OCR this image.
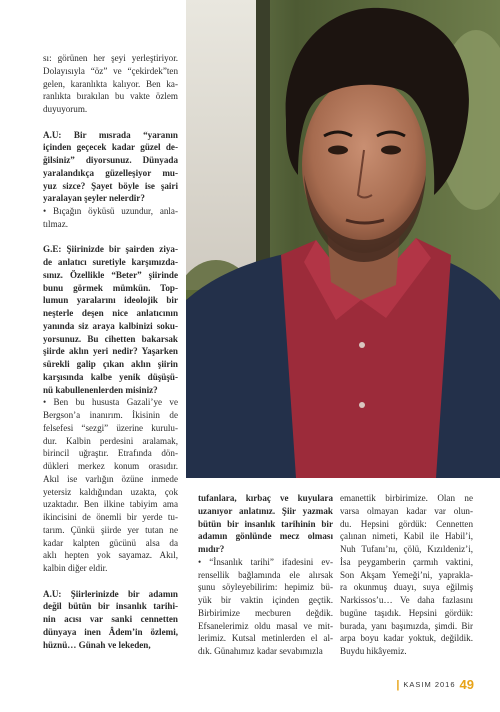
sı: görünen her şeyi yerleştiriyor.
Dolayısıyla “öz” ve “çekirdek”ten
gelen, karanlıkta kalıyor. Ben ka-
ranlıkta bırakılan bu vakte özlem
duyuyorum.

A.U: Bir mısrada “yaranın
içinden geçecek kadar güzel de-
ğilsiniz” diyorsunuz. Dünyada
yaralandıkça güzelleşiyor mu-
yuz sizce? Şayet böyle ise şairi
yaralayan şeyler nelerdir?

• Bıçağın öyküsü uzundur, anla-
tılmaz.

G.E: Şiirinizde bir şairden ziya-
de anlatıcı suretiyle karşımızda-
sınız. Özellikle “Beter” şiirinde
bunu görmek mümkün. Top-
lumun yaralarını ideolojik bir
neşterle deşen nice anlatıcının
yanında siz araya kalbinizi soku-
yorsunuz. Bu cihetten bakarsak
şiirde aklın yeri nedir? Yaşarken
sürekli galip çıkan aklın şiirin
karşısında kalbe yenik düşüşü-
nü kabullenenlerden misiniz?

• Ben bu hususta Gazali’ye ve
Bergson’a inanırım. İkisinin de
felsefesi “sezgi” üzerine kurulu-
dur. Kalbin perdesini aralamak,
birincil uğraştır. Etrafında dön-
dükleri merkez konum orasıdır.
Akıl ise varlığın özüne inmede
yetersiz kaldığından uzakta, çok
uzaktadır. Ben ilkine tabiyim ama
ikincisini de önemli bir yerde tu-
tarım. Çünkü şiirde yer tutan ne
kadar kalpten gücünü alsa da
aklı hepten yok sayamaz. Akıl,
kalbin diğer eldir.

A.U: Şiirlerinizde bir adamın
değil bütün bir insanlık tarihi-
nin acısı var sanki cennetten
dünyaya inen Âdem’in özlemi,
hüznü… Günah ve lekeden,

tufanlara, kırbaç ve kuyulara
uzanıyor anlatınız. Şiir yazmak
bütün bir insanlık tarihinin bir
adamın gönlünde mecz olması
mıdır?

• “İnsanlık tarihi” ifadesini ev-
rensellik bağlamında ele alırsak
şunu söyleyebilirim: hepimiz bü-
yük bir vaktin içinden geçtik.
Birbirimize mecburen değdik.
Efsanelerimiz oldu masal ve mit-
lerimiz. Kutsal metinlerden el al-
dık. Günahımız kadar sevabımızla

emanettik birbirimize. Olan ne
varsa olmayan kadar var olun-
du. Hepsini gördük: Cennetten
çalınan nimeti, Kabil ile Habil’i,
Nuh Tufanı’nı, çölü, Kızıldeniz’i,
İsa peygamberin çarmıh vaktini,
Son Akşam Yemeği’ni, yaprakla-
ra okunmuş duayı, suya eğilmiş
Narkissos’u… Ve daha fazlasını
bugüne taşıdık. Hepsini gördük:
burada, yanı başımızda, şimdi. Bir
arpa boyu kadar yoktuk, değildik.
Buydu hikâyemiz.

| KASIM 2016 49
